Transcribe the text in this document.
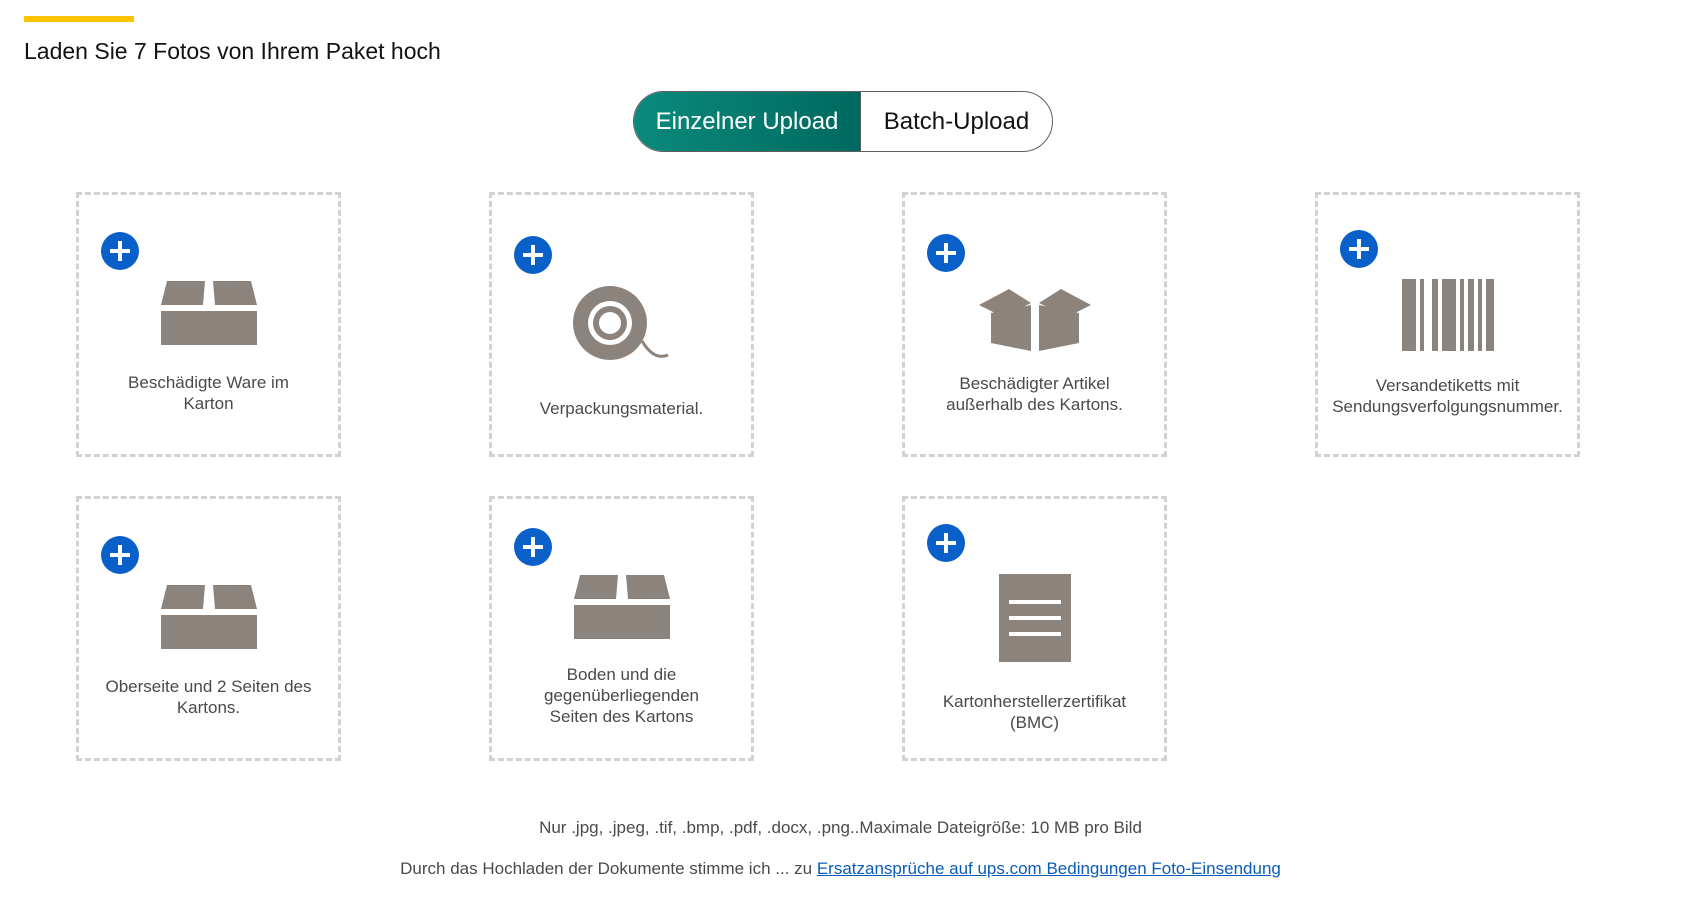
Laden Sie 7 Fotos von Ihrem Paket hoch
Einzelner Upload	Batch-Upload
Beschädigte Ware im
Karton	Verpackungsmaterial.
Beschädigter Artikel
außerhalb des Kartons.
Versandetiketts mit
Sendungsverfolgungsnummer.
Oberseite und 2 Seiten des
Kartons.
Boden und die
gegenüberliegenden
Seiten des Kartons
Kartonherstellerzertifikat
(BMC)
Nur .jpg, .jpeg, .tif, .bmp, .pdf, .docx, .png..Maximale Dateigröße: 10 MB pro Bild
Durch das Hochladen der Dokumente stimme ich ... zu Ersatzansprüche auf ups.com Bedingungen Foto-Einsendung
